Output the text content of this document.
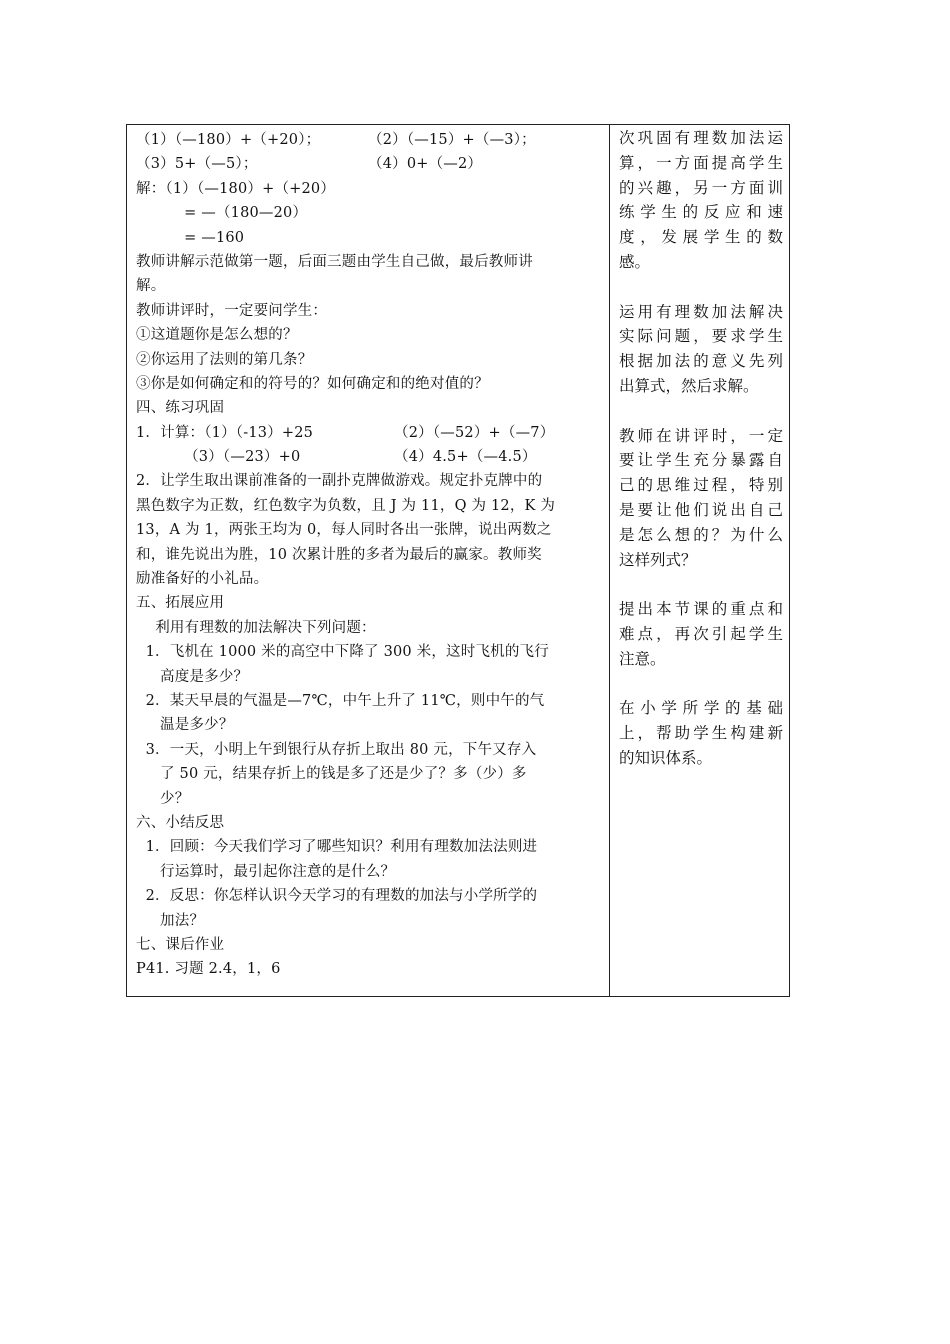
（1）（—180）+（+20）；	（2）（—15）+（—3）；
（3）5+（—5）；	（4）0+（—2）
解：（1）（—180）+（+20）
= —（180—20）
= —160
教师讲解示范做第一题，后面三题由学生自己做，最后教师讲
解。
教师讲评时，一定要问学生：
①这道题你是怎么想的？
②你运用了法则的第几条？
③你是如何确定和的符号的？如何确定和的绝对值的？
四、练习巩固
1．计算：（1）（-13）+25	（2）（—52）+（—7）
（3）（—23）+0	（4）4.5+（—4.5）
2．让学生取出课前准备的一副扑克牌做游戏。规定扑克牌中的
黑色数字为正数，红色数字为负数，且 J 为 11，Q 为 12，K 为
13，A 为 1，两张王均为 0，每人同时各出一张牌，说出两数之
和，谁先说出为胜，10 次累计胜的多者为最后的赢家。教师奖
励准备好的小礼品。
五、拓展应用
利用有理数的加法解决下列问题：
1．飞机在 1000 米的高空中下降了 300 米，这时飞机的飞行
高度是多少？
2．某天早晨的气温是—7℃，中午上升了 11℃，则中午的气
温是多少？
3．一天，小明上午到银行从存折上取出 80 元，下午又存入
了 50 元，结果存折上的钱是多了还是少了？多（少）多
少？
六、小结反思
1．回顾：今天我们学习了哪些知识？利用有理数加法法则进
行运算时，最引起你注意的是什么？
2．反思：你怎样认识今天学习的有理数的加法与小学所学的
加法？
七、课后作业
P41. 习题 2.4，1，6
次巩固有理数加法运
算，一方面提高学生
的兴趣，另一方面训
练学生的反应和速
度，发展学生的数
感。
运用有理数加法解决
实际问题，要求学生
根据加法的意义先列
出算式，然后求解。
教师在讲评时，一定
要让学生充分暴露自
己的思维过程，特别
是要让他们说出自己
是怎么想的？为什么
这样列式？
提出本节课的重点和
难点，再次引起学生
注意。
在小学所学的基础
上，帮助学生构建新
的知识体系。
